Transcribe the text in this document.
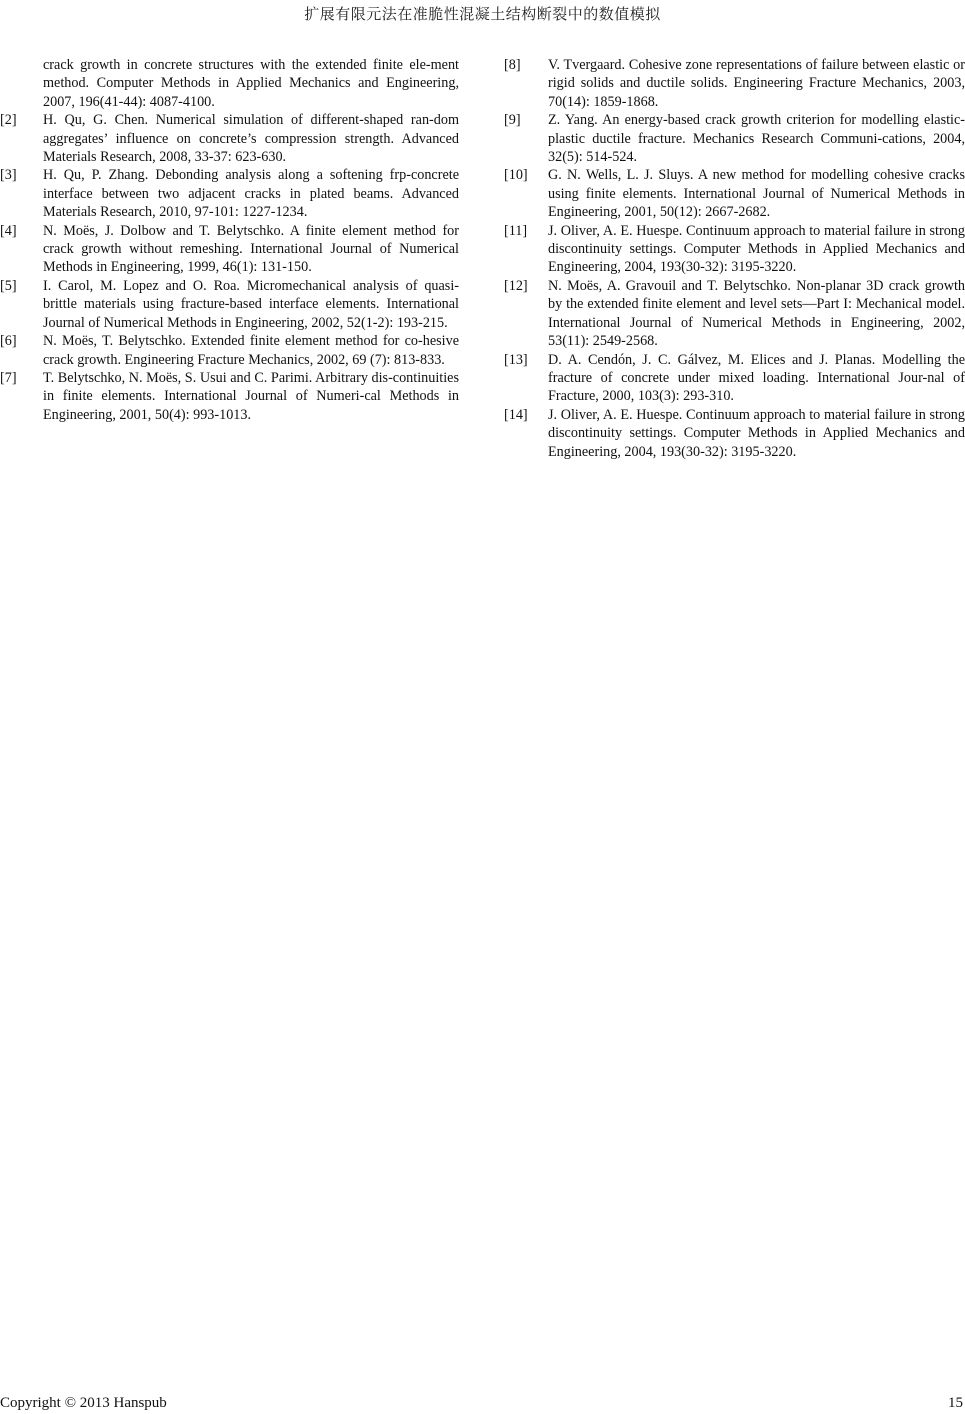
扩展有限元法在准脆性混凝土结构断裂中的数值模拟
crack growth in concrete structures with the extended finite ele-ment method. Computer Methods in Applied Mechanics and Engineering, 2007, 196(41-44): 4087-4100.
[2] H. Qu, G. Chen. Numerical simulation of different-shaped ran-dom aggregates’ influence on concrete’s compression strength. Advanced Materials Research, 2008, 33-37: 623-630.
[3] H. Qu, P. Zhang. Debonding analysis along a softening frp-concrete interface between two adjacent cracks in plated beams. Advanced Materials Research, 2010, 97-101: 1227-1234.
[4] N. Moës, J. Dolbow and T. Belytschko. A finite element method for crack growth without remeshing. International Journal of Numerical Methods in Engineering, 1999, 46(1): 131-150.
[5] I. Carol, M. Lopez and O. Roa. Micromechanical analysis of quasi-brittle materials using fracture-based interface elements. International Journal of Numerical Methods in Engineering, 2002, 52(1-2): 193-215.
[6] N. Moës, T. Belytschko. Extended finite element method for co-hesive crack growth. Engineering Fracture Mechanics, 2002, 69 (7): 813-833.
[7] T. Belytschko, N. Moës, S. Usui and C. Parimi. Arbitrary dis-continuities in finite elements. International Journal of Numeri-cal Methods in Engineering, 2001, 50(4): 993-1013.
[8] V. Tvergaard. Cohesive zone representations of failure between elastic or rigid solids and ductile solids. Engineering Fracture Mechanics, 2003, 70(14): 1859-1868.
[9] Z. Yang. An energy-based crack growth criterion for modelling elastic-plastic ductile fracture. Mechanics Research Communi-cations, 2004, 32(5): 514-524.
[10] G. N. Wells, L. J. Sluys. A new method for modelling cohesive cracks using finite elements. International Journal of Numerical Methods in Engineering, 2001, 50(12): 2667-2682.
[11] J. Oliver, A. E. Huespe. Continuum approach to material failure in strong discontinuity settings. Computer Methods in Applied Mechanics and Engineering, 2004, 193(30-32): 3195-3220.
[12] N. Moës, A. Gravouil and T. Belytschko. Non-planar 3D crack growth by the extended finite element and level sets—Part I: Mechanical model. International Journal of Numerical Methods in Engineering, 2002, 53(11): 2549-2568.
[13] D. A. Cendón, J. C. Gálvez, M. Elices and J. Planas. Modelling the fracture of concrete under mixed loading. International Jour-nal of Fracture, 2000, 103(3): 293-310.
[14] J. Oliver, A. E. Huespe. Continuum approach to material failure in strong discontinuity settings. Computer Methods in Applied Mechanics and Engineering, 2004, 193(30-32): 3195-3220.
Copyright © 2013 Hanspub	15
